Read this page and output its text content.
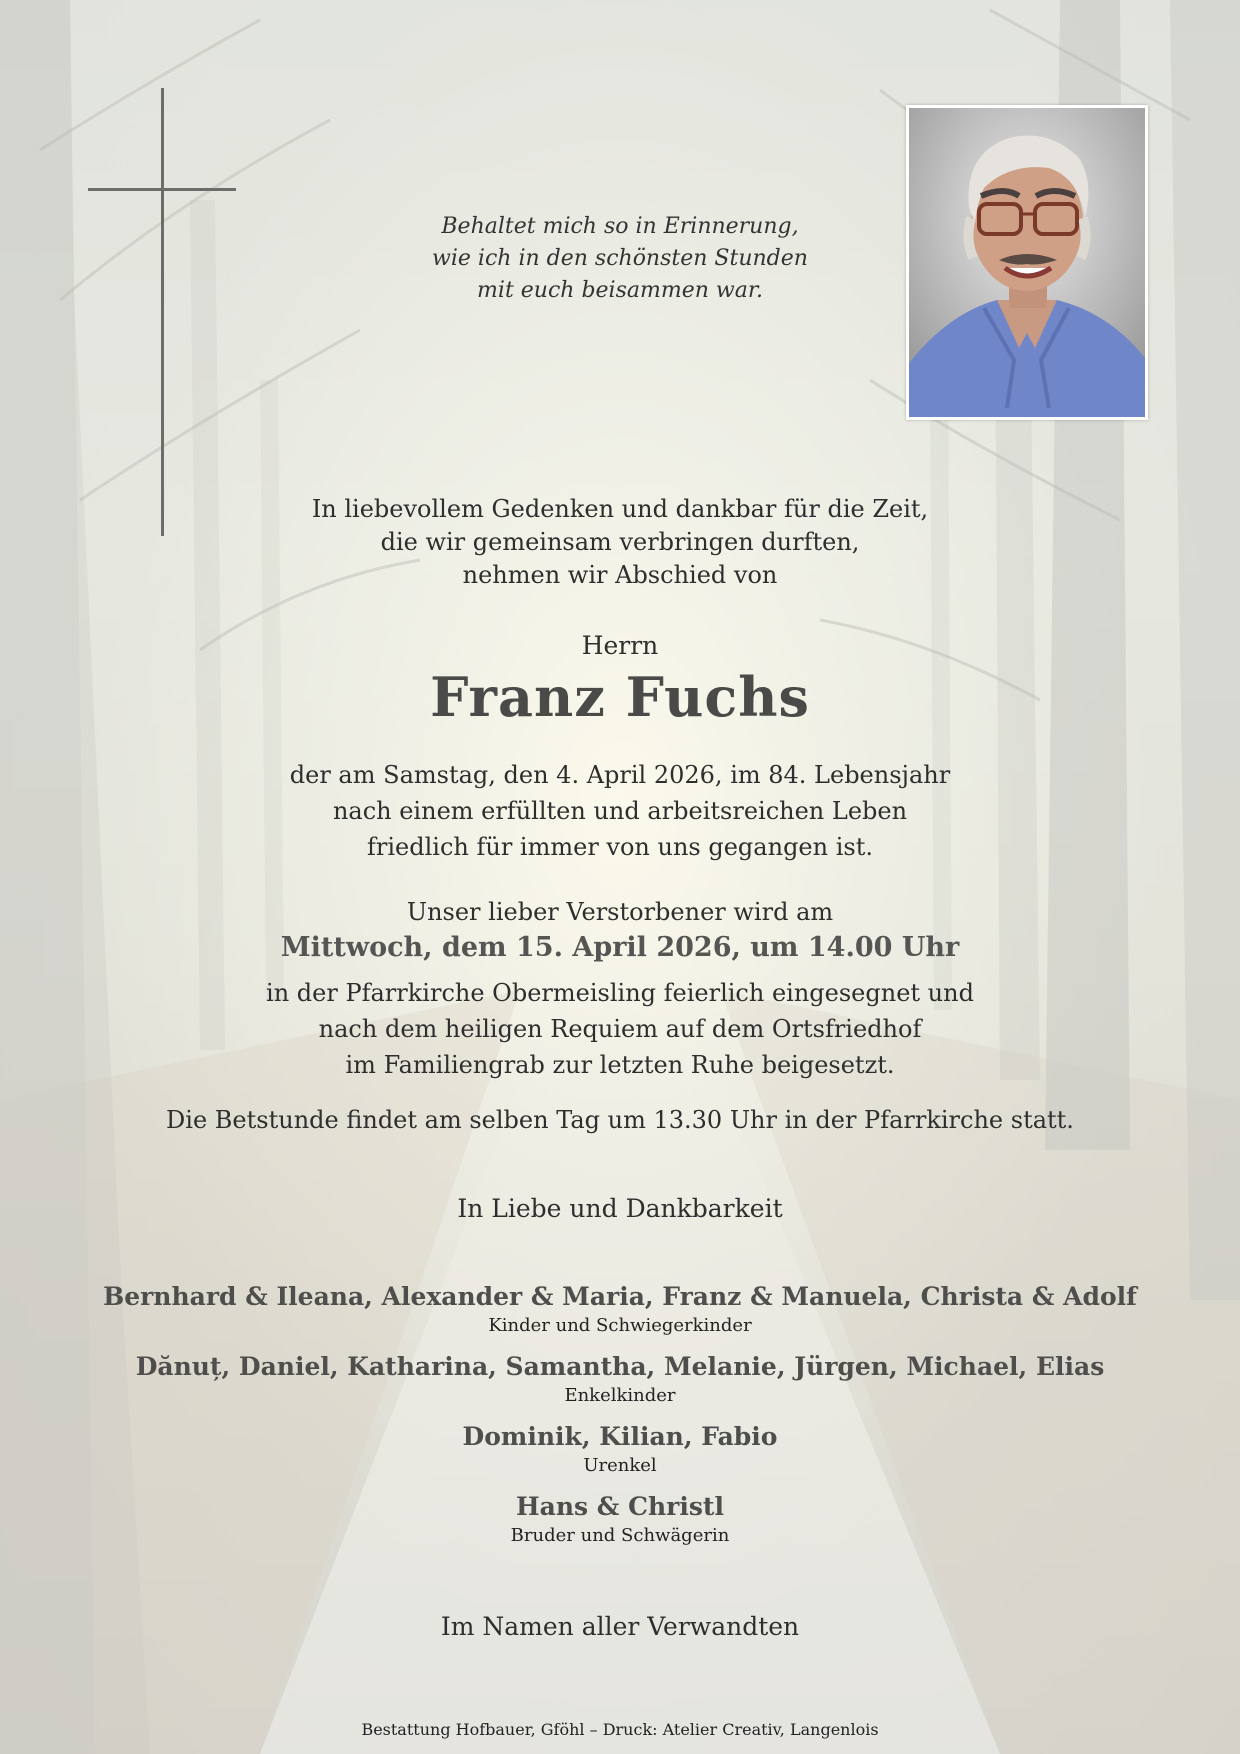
Behaltet mich so in Erinnerung,
wie ich in den schönsten Stunden
mit euch beisammen war.
In liebevollem Gedenken und dankbar für die Zeit,
die wir gemeinsam verbringen durften,
nehmen wir Abschied von
Herrn
Franz Fuchs
der am Samstag, den 4. April 2026, im 84. Lebensjahr
nach einem erfüllten und arbeitsreichen Leben
friedlich für immer von uns gegangen ist.
Unser lieber Verstorbener wird am
Mittwoch, dem 15. April 2026, um 14.00 Uhr
in der Pfarrkirche Obermeisling feierlich eingesegnet und
nach dem heiligen Requiem auf dem Ortsfriedhof
im Familiengrab zur letzten Ruhe beigesetzt.
Die Betstunde findet am selben Tag um 13.30 Uhr in der Pfarrkirche statt.
In Liebe und Dankbarkeit
Bernhard & Ileana, Alexander & Maria, Franz & Manuela, Christa & Adolf
Kinder und Schwiegerkinder
Dănuț, Daniel, Katharina, Samantha, Melanie, Jürgen, Michael, Elias
Enkelkinder
Dominik, Kilian, Fabio
Urenkel
Hans & Christl
Bruder und Schwägerin
Im Namen aller Verwandten
Bestattung Hofbauer, Gföhl – Druck: Atelier Creativ, Langenlois
